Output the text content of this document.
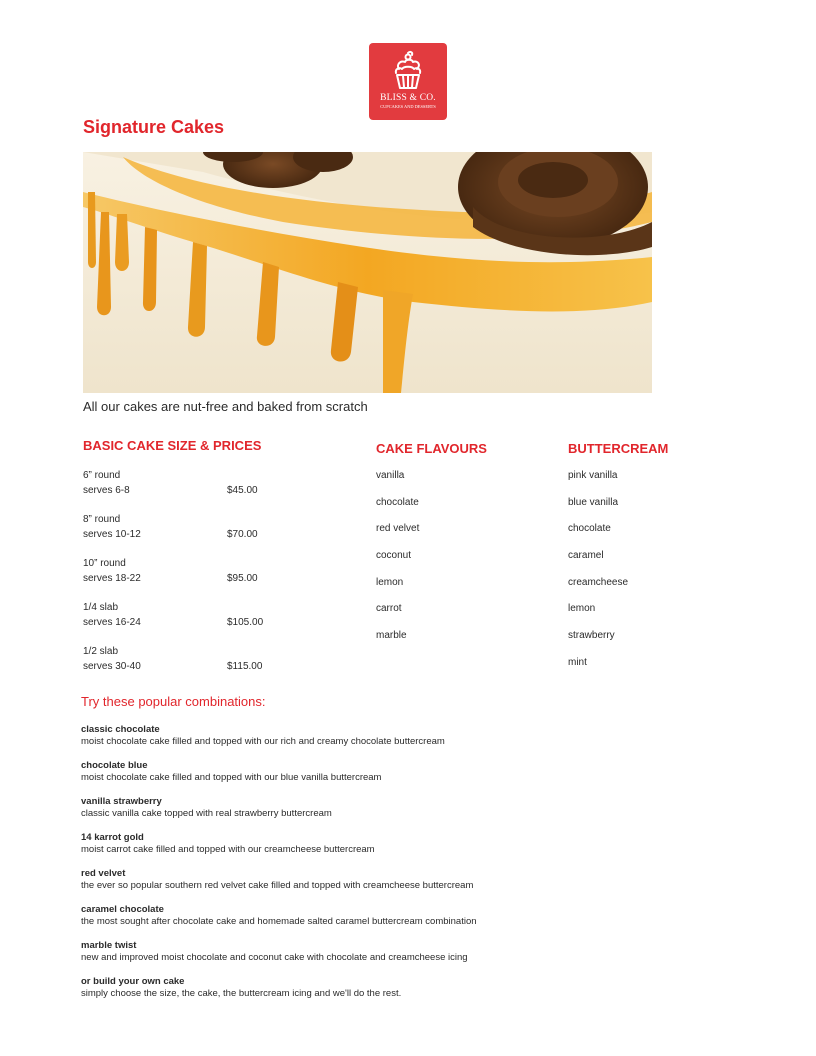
BLISS & CO.
CUPCAKES AND DESSERTS
Signature Cakes
All our cakes are nut-free and baked from scratch
BASIC CAKE SIZE & PRICES	CAKE FLAVOURS	BUTTERCREAM
6” round
serves 6-8	$45.00
8” round
serves 10-12	$70.00
10” round
serves 18-22	$95.00
1/4 slab
serves 16-24	$105.00
1/2 slab
serves 30-40	$115.00
vanilla
chocolate
red velvet
coconut
lemon
carrot
marble
pink vanilla
blue vanilla
chocolate
caramel
creamcheese
lemon
strawberry
mint
Try these popular combinations:
classic chocolate
moist chocolate cake filled and topped with our rich and creamy chocolate buttercream
chocolate blue
moist chocolate cake filled and topped with our blue vanilla buttercream
vanilla strawberry
classic vanilla cake topped with real strawberry buttercream
14 karrot gold
moist carrot cake filled and topped with our creamcheese buttercream
red velvet
the ever so popular southern red velvet cake filled and topped with creamcheese buttercream
caramel chocolate
the most sought after chocolate cake and homemade salted caramel buttercream combination
marble twist
new and improved moist chocolate and coconut cake with chocolate and creamcheese icing
or build your own cake
simply choose the size, the cake, the buttercream icing and we'll do the rest.
